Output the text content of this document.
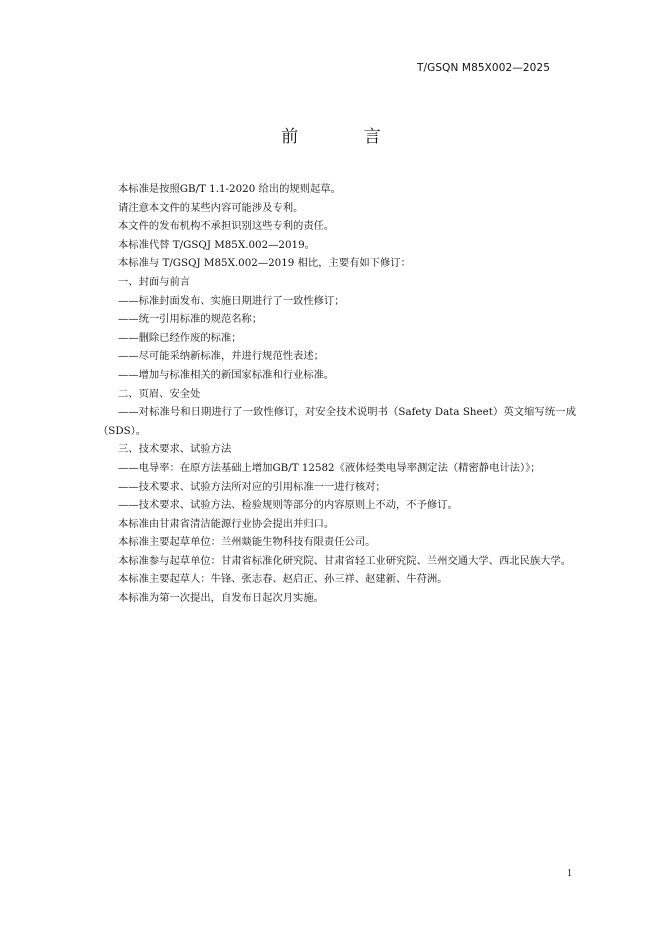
T/GSQN M85X002—2025
前 言

本标准是按照GB/T 1.1-2020 给出的规则起草。

请注意本文件的某些内容可能涉及专利。

本文件的发布机构不承担识别这些专利的责任。

本标准代替 T/GSQJ M85X.002—2019。

本标准与 T/GSQJ M85X.002—2019 相比，主要有如下修订：

一、封面与前言

——标准封面发布、实施日期进行了一致性修订；

——统一引用标准的规范名称；

——删除已经作废的标准；

——尽可能采纳新标准，并进行规范性表述；

——增加与标准相关的新国家标准和行业标准。

二、页眉、安全处

——对标准号和日期进行了一致性修订，对安全技术说明书（Safety Data Sheet）英文缩写统一成（SDS）。

三、技术要求、试验方法

——电导率：在原方法基础上增加GB/T 12582《液体烃类电导率测定法（精密静电计法）》；

——技术要求、试验方法所对应的引用标准一一进行核对；

——技术要求、试验方法、检验规则等部分的内容原则上不动，不予修订。

本标准由甘肃省清洁能源行业协会提出并归口。

本标准主要起草单位：兰州燚能生物科技有限责任公司。

本标准参与起草单位：甘肃省标准化研究院、甘肃省轻工业研究院、兰州交通大学、西北民族大学。

本标准主要起草人：牛锋、张志春、赵启正、孙三祥、赵建新、牛苻洲。

本标准为第一次提出，自发布日起次月实施。

1
